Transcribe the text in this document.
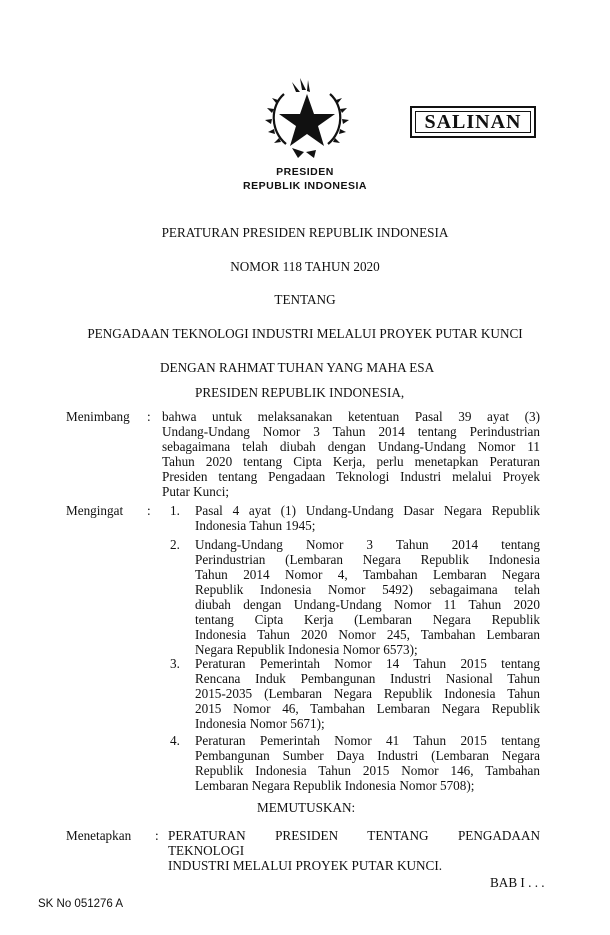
SALINAN
PRESIDEN
REPUBLIK INDONESIA
PERATURAN PRESIDEN REPUBLIK INDONESIA
NOMOR 118 TAHUN 2020
TENTANG
PENGADAAN TEKNOLOGI INDUSTRI MELALUI PROYEK PUTAR KUNCI
DENGAN RAHMAT TUHAN YANG MAHA ESA
PRESIDEN REPUBLIK INDONESIA,
Menimbang : bahwa untuk melaksanakan ketentuan Pasal 39 ayat (3)
Undang-Undang Nomor 3 Tahun 2014 tentang Perindustrian
sebagaimana telah diubah dengan Undang-Undang Nomor 11
Tahun 2020 tentang Cipta Kerja, perlu menetapkan Peraturan
Presiden tentang Pengadaan Teknologi Industri melalui Proyek
Putar Kunci;
Mengingat : 1. Pasal 4 ayat (1) Undang-Undang Dasar Negara Republik
Indonesia Tahun 1945;
2. Undang-Undang Nomor 3 Tahun 2014 tentang
Perindustrian (Lembaran Negara Republik Indonesia
Tahun 2014 Nomor 4, Tambahan Lembaran Negara
Republik Indonesia Nomor 5492) sebagaimana telah
diubah dengan Undang-Undang Nomor 11 Tahun 2020
tentang Cipta Kerja (Lembaran Negara Republik
Indonesia Tahun 2020 Nomor 245, Tambahan Lembaran
Negara Republik Indonesia Nomor 6573);
3. Peraturan Pemerintah Nomor 14 Tahun 2015 tentang
Rencana Induk Pembangunan Industri Nasional Tahun
2015-2035 (Lembaran Negara Republik Indonesia Tahun
2015 Nomor 46, Tambahan Lembaran Negara Republik
Indonesia Nomor 5671);
4. Peraturan Pemerintah Nomor 41 Tahun 2015 tentang
Pembangunan Sumber Daya Industri (Lembaran Negara
Republik Indonesia Tahun 2015 Nomor 146, Tambahan
Lembaran Negara Republik Indonesia Nomor 5708);
MEMUTUSKAN:
Menetapkan : PERATURAN PRESIDEN TENTANG PENGADAAN TEKNOLOGI
INDUSTRI MELALUI PROYEK PUTAR KUNCI.
BAB I . . .
SK No 051276 A
